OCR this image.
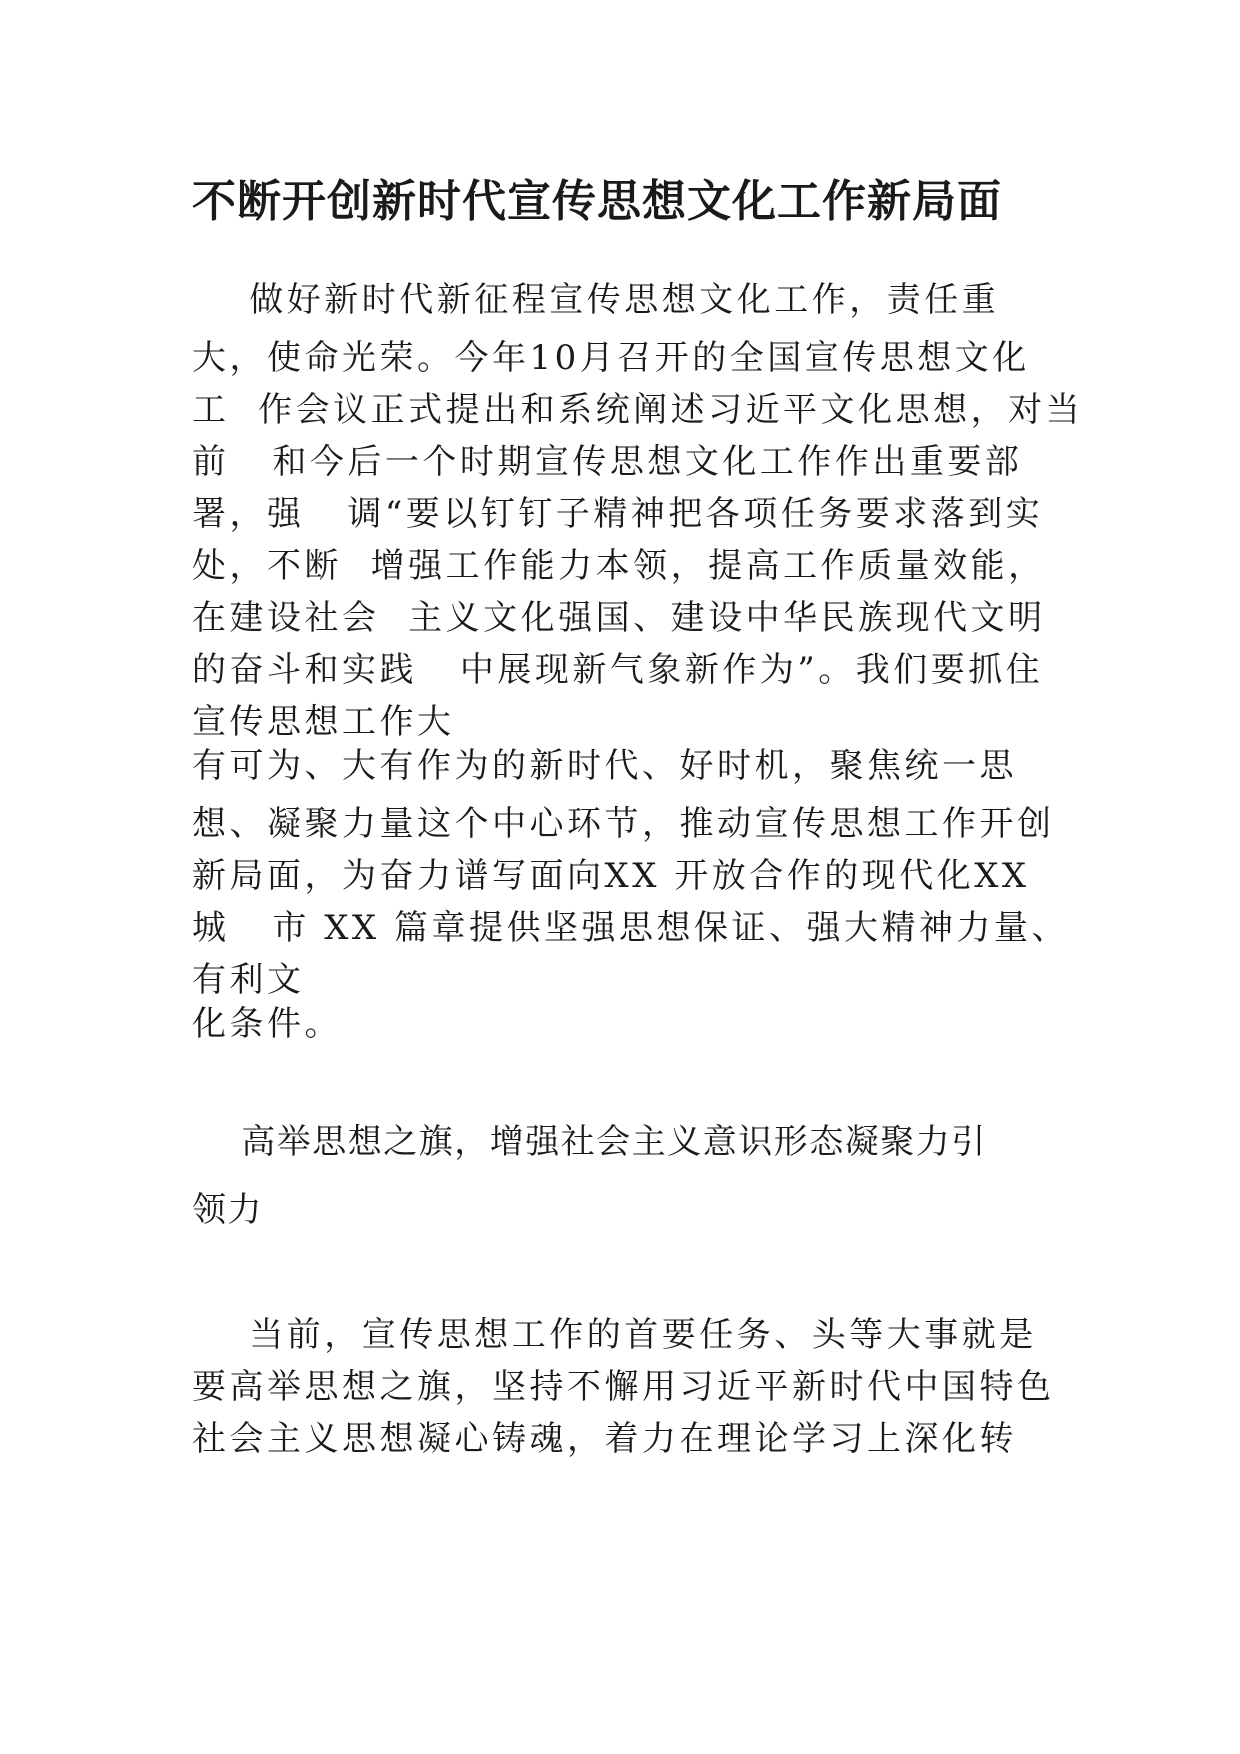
不断开创新时代宣传思想文化工作新局面
做好新时代新征程宣传思想文化工作，责任重
大，使命光荣。今年10月召开的全国宣传思想文化
工  作会议正式提出和系统阐述习近平文化思想，对当
前   和今后一个时期宣传思想文化工作作出重要部
署，强   调“要以钉钉子精神把各项任务要求落到实
处，不断  增强工作能力本领，提高工作质量效能，
在建设社会  主义文化强国、建设中华民族现代文明
的奋斗和实践   中展现新气象新作为”。我们要抓住
宣传思想工作大
有可为、大有作为的新时代、好时机，聚焦统一思
想、凝聚力量这个中心环节，推动宣传思想工作开创
新局面，为奋力谱写面向XX 开放合作的现代化XX
城   市 XX 篇章提供坚强思想保证、强大精神力量、
有利文
化条件。
高举思想之旗，增强社会主义意识形态凝聚力引
领力
当前，宣传思想工作的首要任务、头等大事就是
要高举思想之旗，坚持不懈用习近平新时代中国特色
社会主义思想凝心铸魂，着力在理论学习上深化转
